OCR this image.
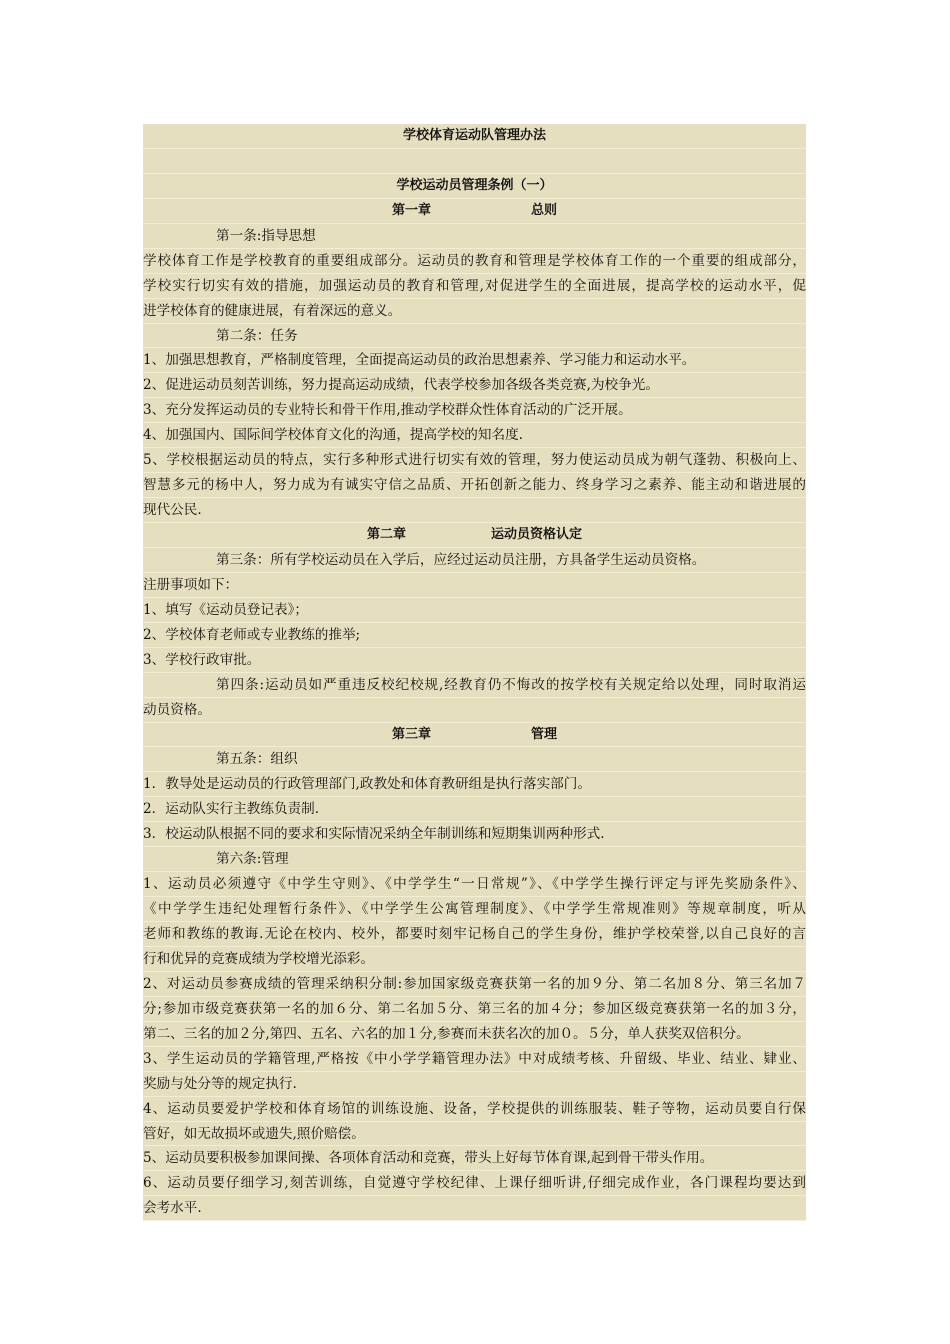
学校体育运动队管理办法
学校运动员管理条例（一）
第一章	总则
第一条:指导思想
学校体育工作是学校教育的重要组成部分。运动员的教育和管理是学校体育工作的一个重要的组成部分，
学校实行切实有效的措施，加强运动员的教育和管理,对促进学生的全面进展，提高学校的运动水平，促
进学校体育的健康进展，有着深远的意义。
第二条：任务
1、加强思想教育，严格制度管理，全面提高运动员的政治思想素养、学习能力和运动水平。
2、促进运动员刻苦训练，努力提高运动成绩，代表学校参加各级各类竞赛,为校争光。
3、充分发挥运动员的专业特长和骨干作用,推动学校群众性体育活动的广泛开展。
4、加强国内、国际间学校体育文化的沟通，提高学校的知名度.
5、学校根据运动员的特点，实行多种形式进行切实有效的管理，努力使运动员成为朝气蓬勃、积极向上、
智慧多元的杨中人，努力成为有诚实守信之品质、开拓创新之能力、终身学习之素养、能主动和谐进展的
现代公民.
第二章	运动员资格认定
第三条：所有学校运动员在入学后，应经过运动员注册，方具备学生运动员资格。
注册事项如下：
1、填写《运动员登记表》；
2、学校体育老师或专业教练的推举;
3、学校行政审批。
第四条:运动员如严重违反校纪校规,经教育仍不悔改的按学校有关规定给以处理，同时取消运
动员资格。
第三章	管理
第五条：组织
1．教导处是运动员的行政管理部门,政教处和体育教研组是执行落实部门。
2．运动队实行主教练负责制.
3．校运动队根据不同的要求和实际情况采纳全年制训练和短期集训两种形式.
第六条:管理
1、运动员必须遵守《中学生守则》、《中学学生“一日常规”》、《中学学生操行评定与评先奖励条件》、
《中学学生违纪处理暂行条件》、《中学学生公寓管理制度》、《中学学生常规准则》等规章制度，听从
老师和教练的教诲.无论在校内、校外，都要时刻牢记杨自己的学生身份，维护学校荣誉,以自己良好的言
行和优异的竞赛成绩为学校增光添彩。
2、对运动员参赛成绩的管理采纳积分制:参加国家级竞赛获第一名的加９分、第二名加８分、第三名加７
分;参加市级竞赛获第一名的加６分、第二名加５分、第三名的加４分；参加区级竞赛获第一名的加３分，
第二、三名的加２分,第四、五名、六名的加１分,参赛而未获名次的加０。５分，单人获奖双倍积分。
3、学生运动员的学籍管理,严格按《中小学学籍管理办法》中对成绩考核、升留级、毕业、结业、肄业、
奖励与处分等的规定执行.
4、运动员要爱护学校和体育场馆的训练设施、设备，学校提供的训练服装、鞋子等物，运动员要自行保
管好，如无故损坏或遗失,照价赔偿。
5、运动员要积极参加课间操、各项体育活动和竞赛，带头上好每节体育课,起到骨干带头作用。
6、运动员要仔细学习,刻苦训练，自觉遵守学校纪律、上课仔细听讲,仔细完成作业，各门课程均要达到
会考水平.
